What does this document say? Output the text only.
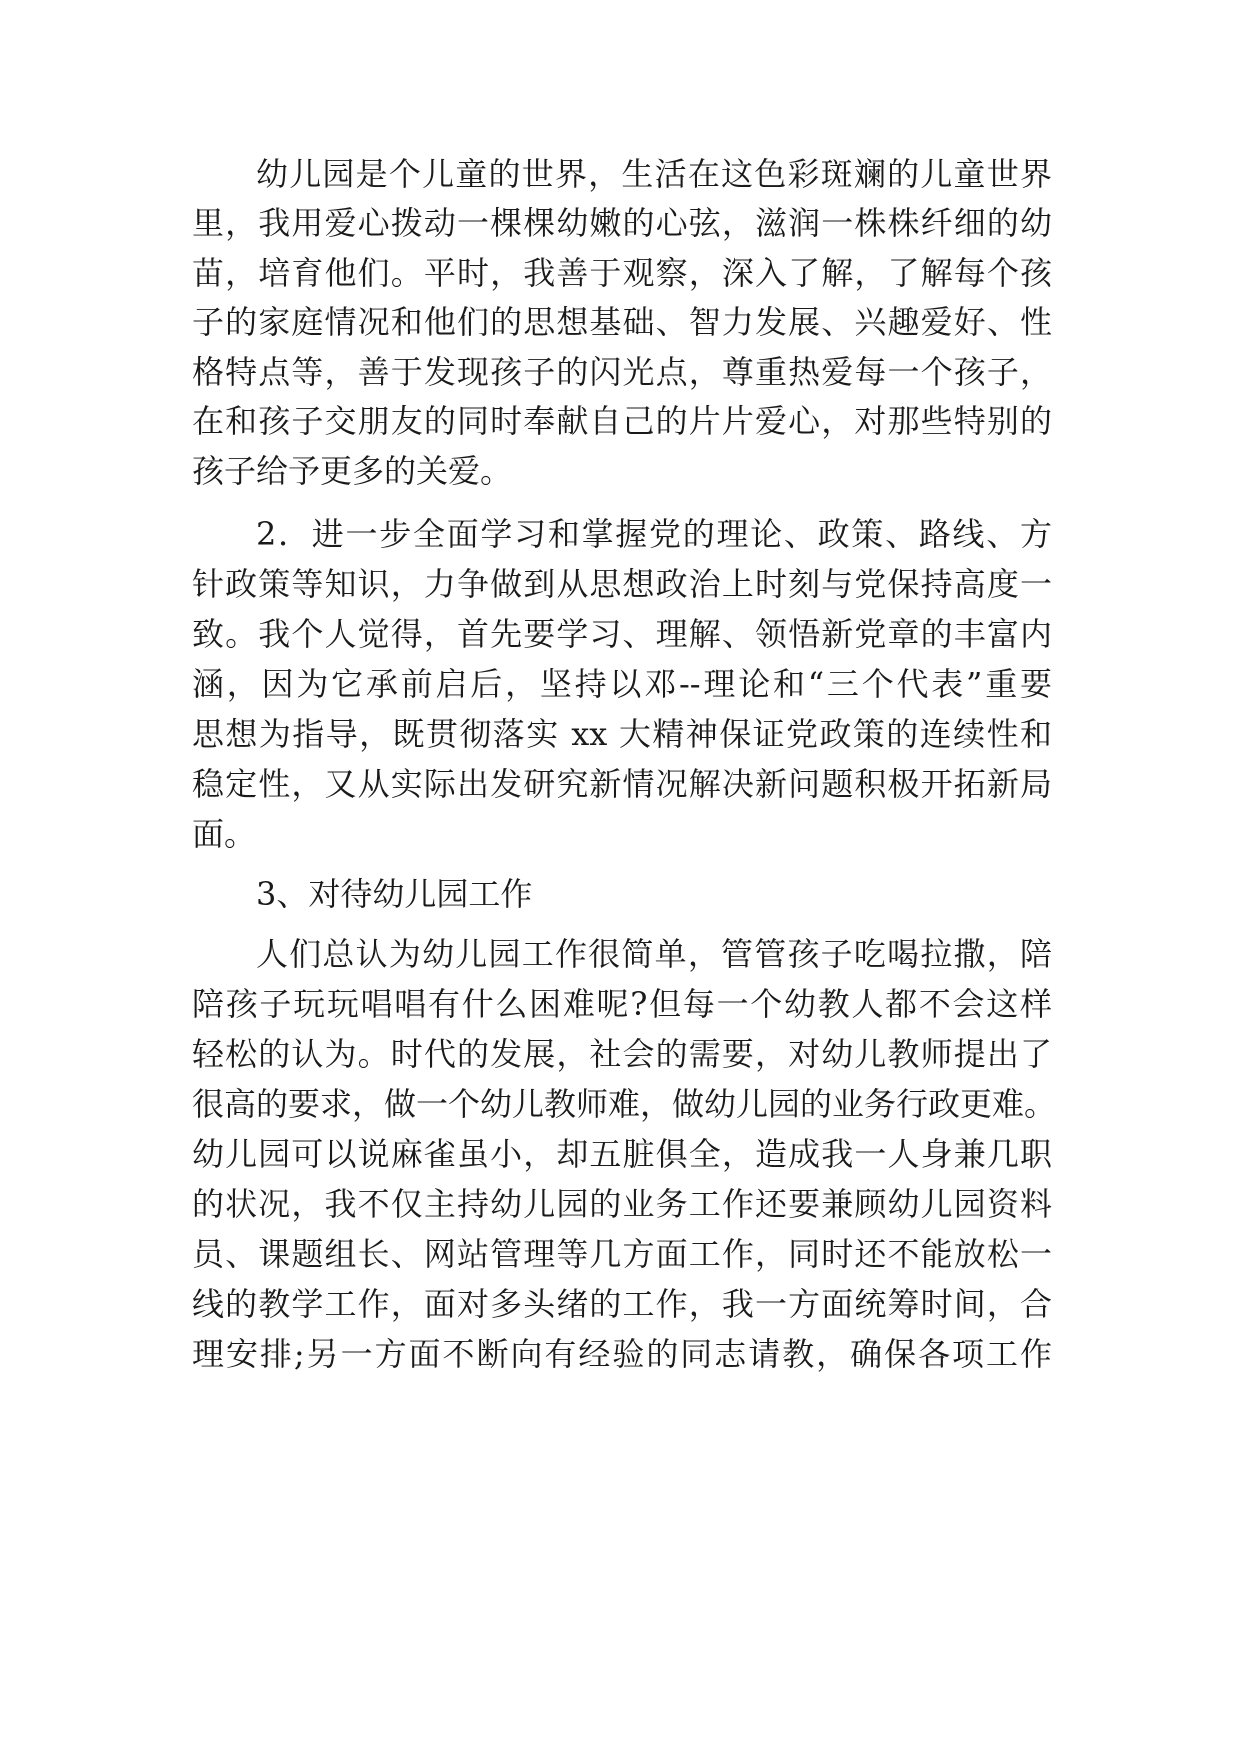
幼儿园是个儿童的世界，生活在这色彩斑斓的儿童世界
里，我用爱心拨动一棵棵幼嫩的心弦，滋润一株株纤细的幼
苗，培育他们。平时，我善于观察，深入了解，了解每个孩
子的家庭情况和他们的思想基础、智力发展、兴趣爱好、性
格特点等，善于发现孩子的闪光点，尊重热爱每一个孩子，
在和孩子交朋友的同时奉献自己的片片爱心，对那些特别的
孩子给予更多的关爱。
2．进一步全面学习和掌握党的理论、政策、路线、方
针政策等知识，力争做到从思想政治上时刻与党保持高度一
致。我个人觉得，首先要学习、理解、领悟新党章的丰富内
涵，因为它承前启后，坚持以邓--理论和“三个代表”重要
思想为指导，既贯彻落实 xx 大精神保证党政策的连续性和
稳定性，又从实际出发研究新情况解决新问题积极开拓新局
面。
3、对待幼儿园工作
人们总认为幼儿园工作很简单，管管孩子吃喝拉撒，陪
陪孩子玩玩唱唱有什么困难呢?但每一个幼教人都不会这样
轻松的认为。时代的发展，社会的需要，对幼儿教师提出了
很高的要求，做一个幼儿教师难，做幼儿园的业务行政更难。
幼儿园可以说麻雀虽小，却五脏俱全，造成我一人身兼几职
的状况，我不仅主持幼儿园的业务工作还要兼顾幼儿园资料
员、课题组长、网站管理等几方面工作，同时还不能放松一
线的教学工作，面对多头绪的工作，我一方面统筹时间，合
理安排;另一方面不断向有经验的同志请教，确保各项工作
